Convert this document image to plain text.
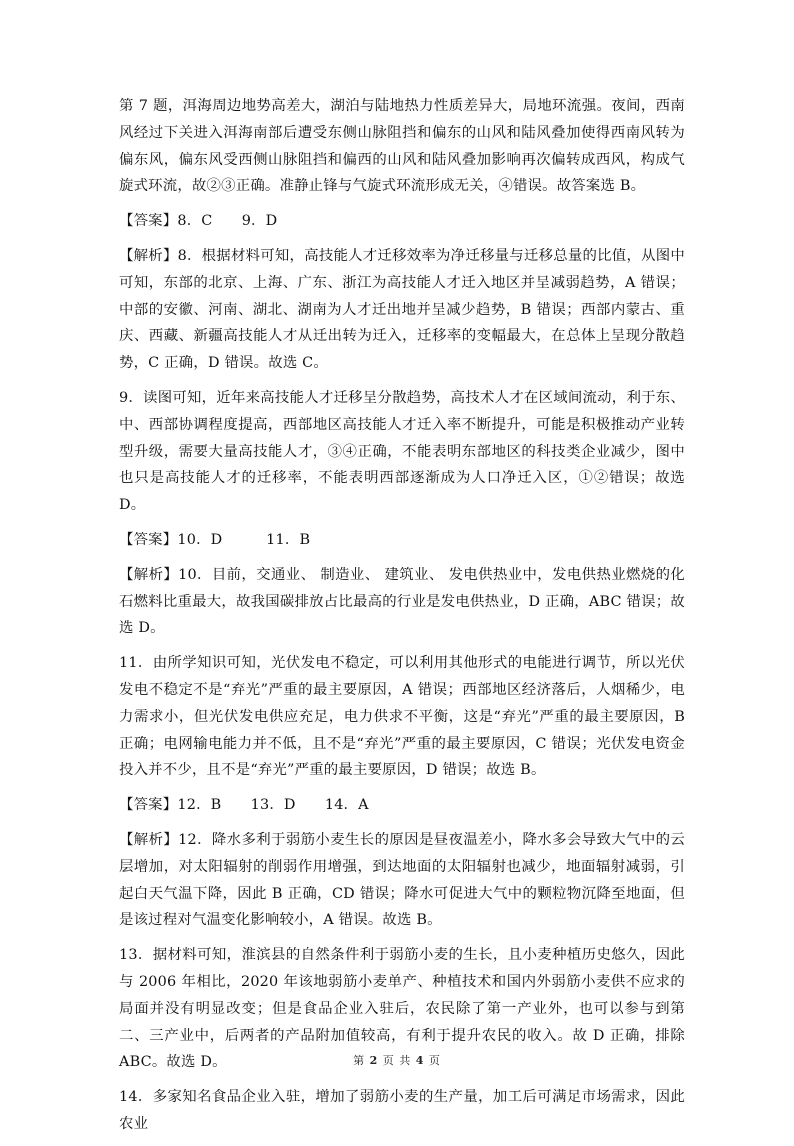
第 7 题，洱海周边地势高差大，湖泊与陆地热力性质差异大，局地环流强。夜间，西南风经过下关进入洱海南部后遭受东侧山脉阻挡和偏东的山风和陆风叠加使得西南风转为偏东风，偏东风受西侧山脉阻挡和偏西的山风和陆风叠加影响再次偏转成西风，构成气旋式环流，故②③正确。准静止锋与气旋式环流形成无关，④错误。故答案选 B。

【答案】8．C　　9．D

【解析】8．根据材料可知，高技能人才迁移效率为净迁移量与迁移总量的比值，从图中可知，东部的北京、上海、广东、浙江为高技能人才迁入地区并呈减弱趋势，A 错误；中部的安徽、河南、湖北、湖南为人才迁出地并呈减少趋势，B 错误；西部内蒙古、重庆、西藏、新疆高技能人才从迁出转为迁入，迁移率的变幅最大，在总体上呈现分散趋势，C 正确，D 错误。故选 C。

9．读图可知，近年来高技能人才迁移呈分散趋势，高技术人才在区域间流动，利于东、中、西部协调程度提高，西部地区高技能人才迁入率不断提升，可能是积极推动产业转型升级，需要大量高技能人才，③④正确，不能表明东部地区的科技类企业减少，图中也只是高技能人才的迁移率，不能表明西部逐渐成为人口净迁入区，①②错误；故选 D。

【答案】10．D　　　11．B

【解析】10．目前，交通业、 制造业、 建筑业、 发电供热业中，发电供热业燃烧的化石燃料比重最大，故我国碳排放占比最高的行业是发电供热业，D 正确，ABC 错误；故选 D。

11．由所学知识可知，光伏发电不稳定，可以利用其他形式的电能进行调节，所以光伏发电不稳定不是“弃光”严重的最主要原因，A 错误；西部地区经济落后，人烟稀少，电力需求小，但光伏发电供应充足，电力供求不平衡，这是“弃光”严重的最主要原因，B 正确；电网输电能力并不低，且不是“弃光”严重的最主要原因，C 错误；光伏发电资金投入并不少，且不是“弃光”严重的最主要原因，D 错误；故选 B。

【答案】12．B　　13．D　　14．A

【解析】12．降水多利于弱筋小麦生长的原因是昼夜温差小，降水多会导致大气中的云层增加，对太阳辐射的削弱作用增强，到达地面的太阳辐射也减少，地面辐射减弱，引起白天气温下降，因此 B 正确，CD 错误；降水可促进大气中的颗粒物沉降至地面，但是该过程对气温变化影响较小，A 错误。故选 B。

13．据材料可知，淮滨县的自然条件利于弱筋小麦的生长，且小麦种植历史悠久，因此与 2006 年相比，2020 年该地弱筋小麦单产、种植技术和国内外弱筋小麦供不应求的局面并没有明显改变；但是食品企业入驻后，农民除了第一产业外，也可以参与到第二、三产业中，后两者的产品附加值较高，有利于提升农民的收入。故 D 正确，排除 ABC。故选 D。

14．多家知名食品企业入驻，增加了弱筋小麦的生产量，加工后可满足市场需求，因此农业

第 2 页 共 4 页
